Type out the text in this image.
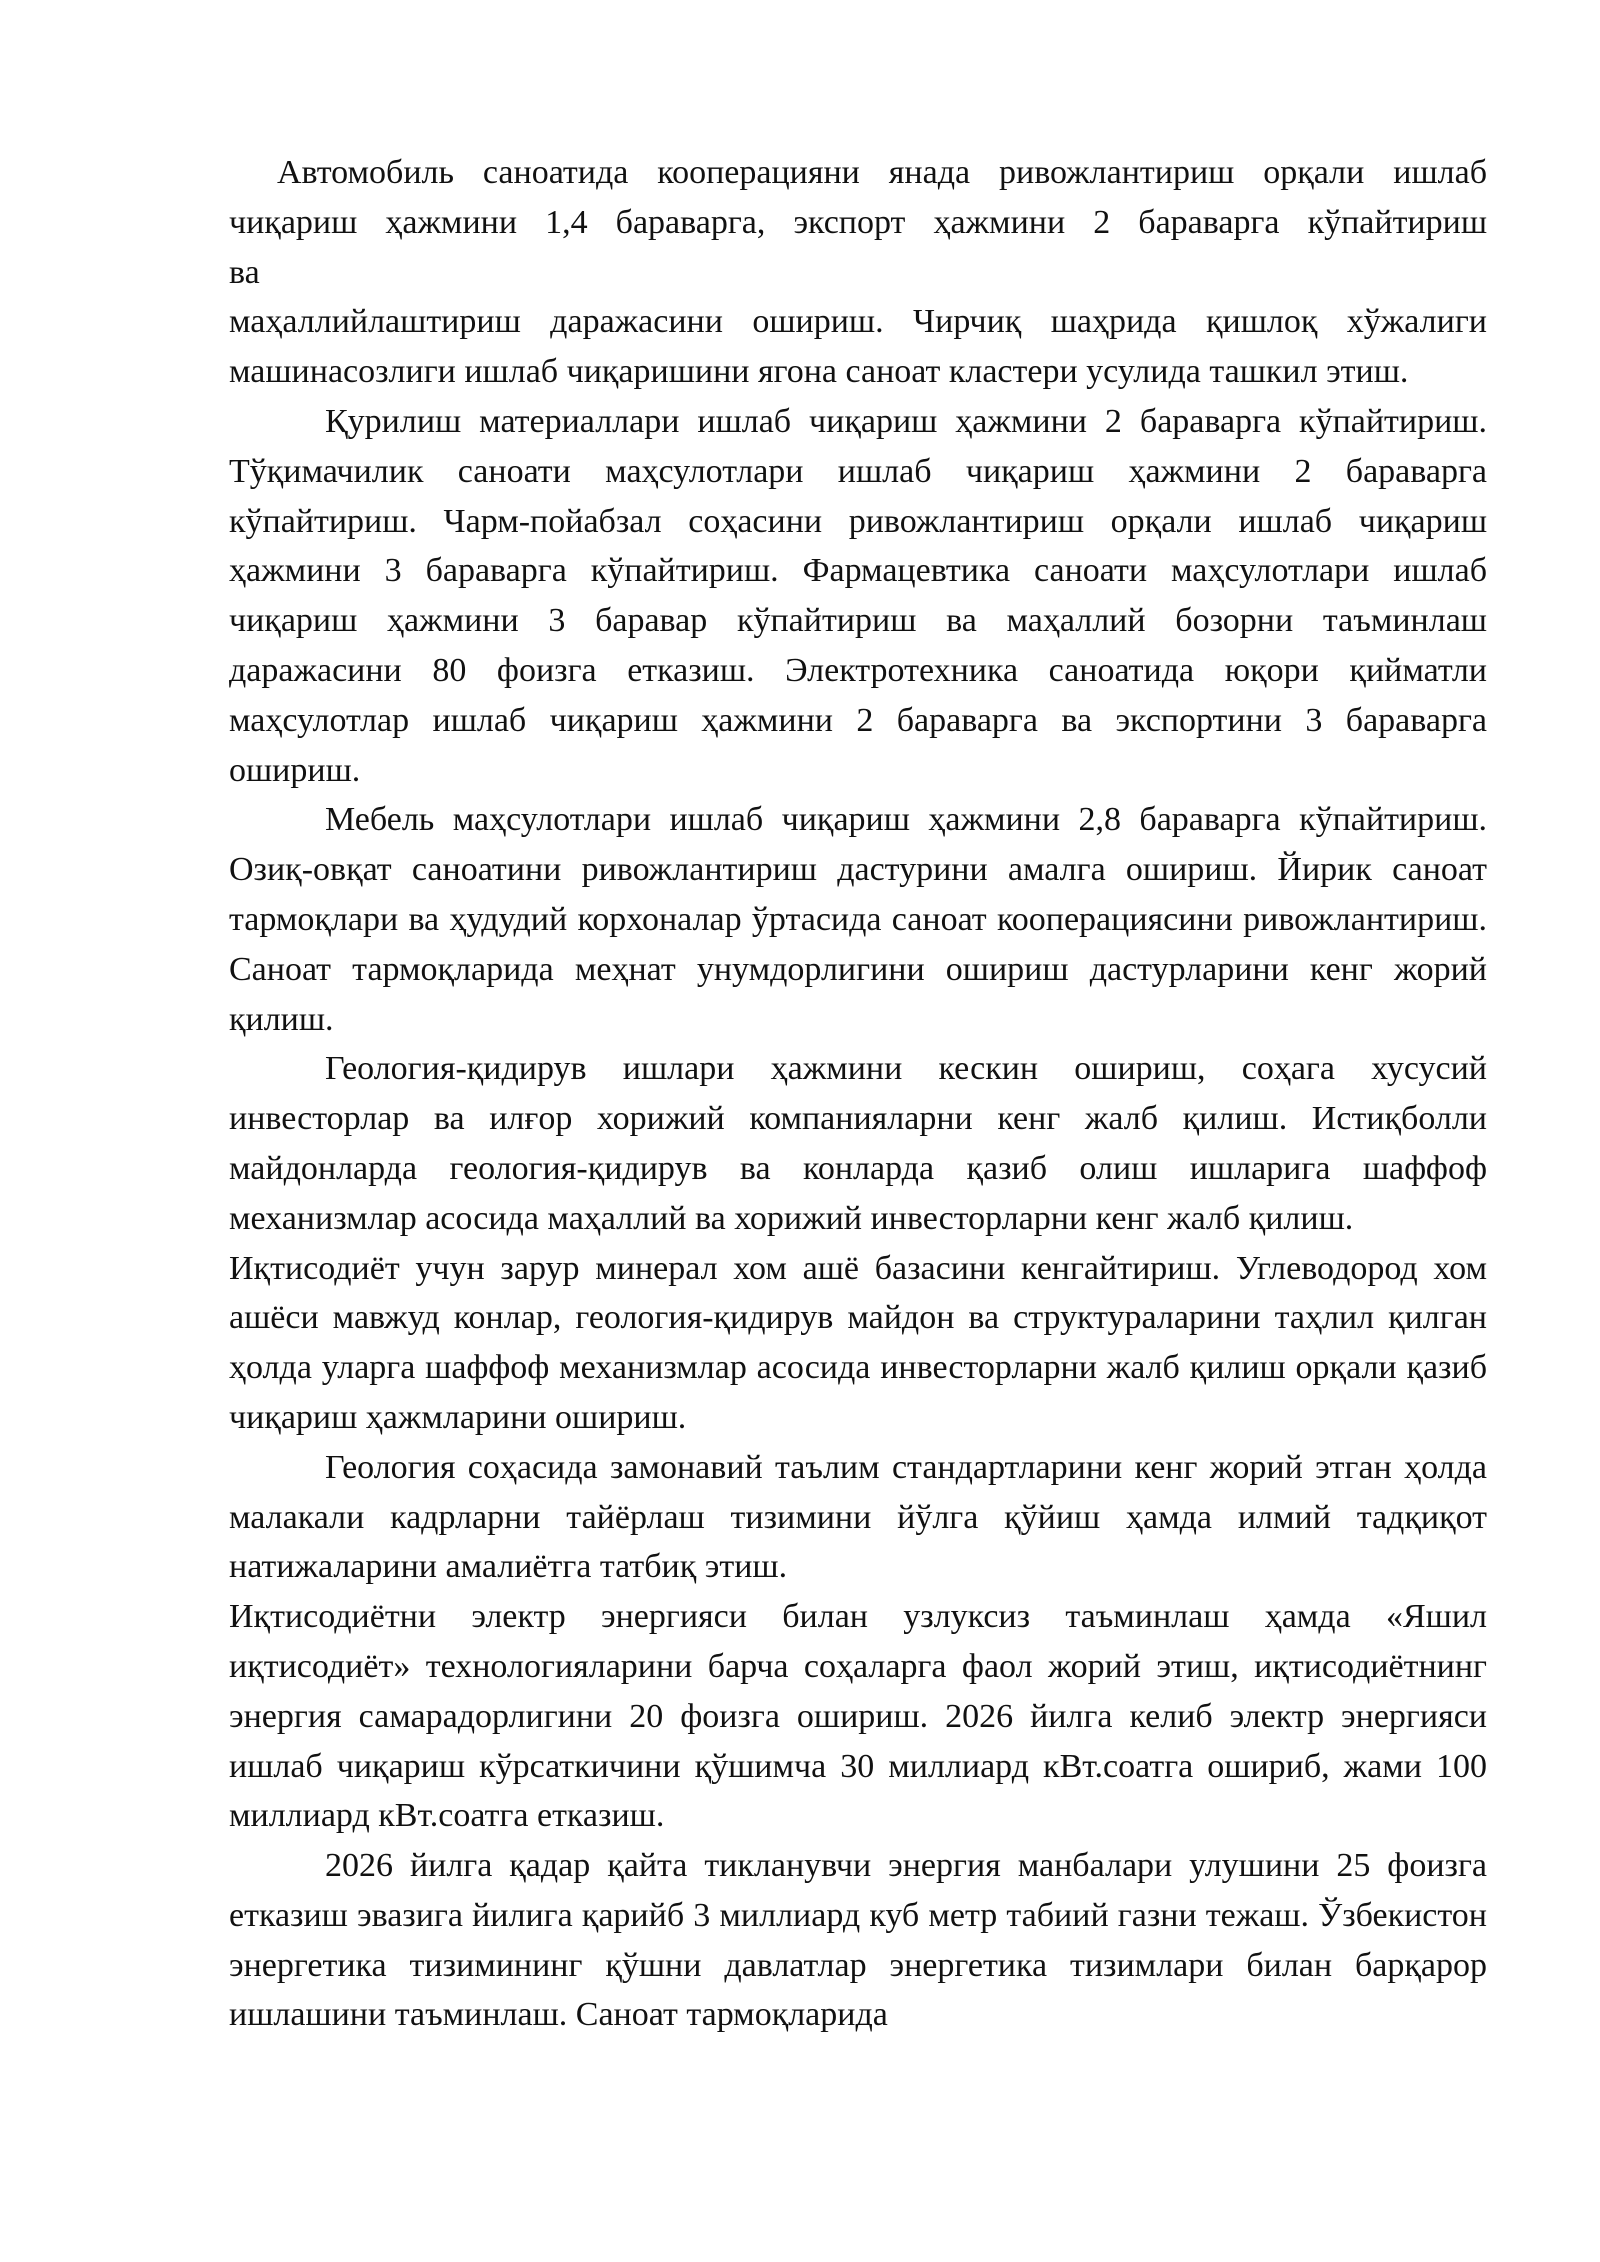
Автомобиль саноатида кооперацияни янада ривожлантириш орқали ишлаб
чиқариш ҳажмини 1,4 бараварга, экспорт ҳажмини 2 бараварга кўпайтириш
ва

маҳаллийлаштириш даражасини ошириш. Чирчиқ шаҳрида қишлоқ хўжалиги машинасозлиги ишлаб чиқаришини ягона саноат кластери усулида ташкил этиш.

Қурилиш материаллари ишлаб чиқариш ҳажмини 2 бараварга кўпайтириш. Тўқимачилик саноати маҳсулотлари ишлаб чиқариш ҳажмини 2 бараварга кўпайтириш. Чарм-пойабзал соҳасини ривожлантириш орқали ишлаб чиқариш ҳажмини 3 бараварга кўпайтириш. Фармацевтика саноати маҳсулотлари ишлаб чиқариш ҳажмини 3 баравар кўпайтириш ва маҳаллий бозорни таъминлаш даражасини 80 фоизга етказиш. Электротехника саноатида юқори қийматли маҳсулотлар ишлаб чиқариш ҳажмини 2 бараварга ва экспортини 3 бараварга ошириш.

Мебель маҳсулотлари ишлаб чиқариш ҳажмини 2,8 бараварга кўпайтириш. Озиқ-овқат саноатини ривожлантириш дастурини амалга ошириш. Йирик саноат тармоқлари ва ҳудудий корхоналар ўртасида саноат кооперациясини ривожлантириш. Саноат тармоқларида меҳнат унумдорлигини ошириш дастурларини кенг жорий қилиш.

Геология-қидирув ишлари ҳажмини кескин ошириш, соҳага хусусий инвесторлар ва илғор хорижий компанияларни кенг жалб қилиш. Истиқболли майдонларда геология-қидирув ва конларда қазиб олиш ишларига шаффоф механизмлар асосида маҳаллий ва хорижий инвесторларни кенг жалб қилиш.

Иқтисодиёт учун зарур минерал хом ашё базасини кенгайтириш. Углеводород хом ашёси мавжуд конлар, геология-қидирув майдон ва структураларини таҳлил қилган ҳолда уларга шаффоф механизмлар асосида инвесторларни жалб қилиш орқали қазиб чиқариш ҳажмларини ошириш.

Геология соҳасида замонавий таълим стандартларини кенг жорий этган ҳолда малакали кадрларни тайёрлаш тизимини йўлга қўйиш ҳамда илмий тадқиқот натижаларини амалиётга татбиқ этиш.

Иқтисодиётни электр энергияси билан узлуксиз таъминлаш ҳамда «Яшил иқтисодиёт» технологияларини барча соҳаларга фаол жорий этиш, иқтисодиётнинг энергия самарадорлигини 20 фоизга ошириш. 2026 йилга келиб электр энергияси ишлаб чиқариш кўрсаткичини қўшимча 30 миллиард кВт.соатга ошириб, жами 100 миллиард кВт.соатга етказиш.

2026 йилга қадар қайта тикланувчи энергия манбалари улушини 25 фоизга етказиш эвазига йилига қарийб 3 миллиард куб метр табиий газни тежаш. Ўзбекистон энергетика тизимининг қўшни давлатлар энергетика тизимлари билан барқарор ишлашини таъминлаш. Саноат тармоқларида
